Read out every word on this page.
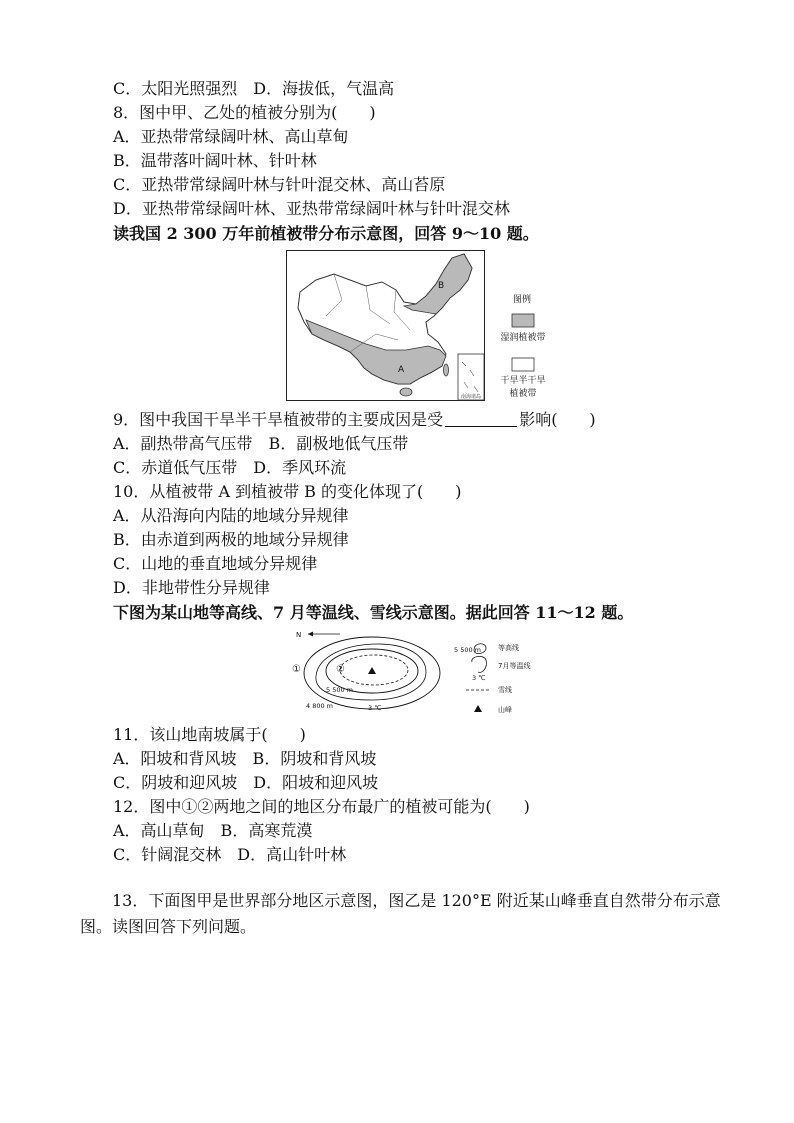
C．太阳光照强烈　D．海拔低，气温高
8．图中甲、乙处的植被分别为(　　)
A．亚热带常绿阔叶林、高山草甸
B．温带落叶阔叶林、针叶林
C．亚热带常绿阔叶林与针叶混交林、高山苔原
D．亚热带常绿阔叶林、亚热带常绿阔叶林与针叶混交林
读我国 2 300 万年前植被带分布示意图，回答 9～10 题。
南海诸岛
B
A
图例
湿润植被带
干旱半干旱
植被带
9．图中我国干旱半干旱植被带的主要成因是受	影响(　　)
A．副热带高气压带　B．副极地低气压带
C．赤道低气压带　D．季风环流
10．从植被带 A 到植被带 B 的变化体现了(　　)
A．从沿海向内陆的地域分异规律
B．由赤道到两极的地域分异规律
C．山地的垂直地域分异规律
D．非地带性分异规律
下图为某山地等高线、7 月等温线、雪线示意图。据此回答 11～12 题。
N
①	②
5 500 m
4 800 m	3 ℃
5 500 m 等高线
7月等温线
3 ℃
雪线
山峰
11．该山地南坡属于(　　)
A．阳坡和背风坡　B．阴坡和背风坡
C．阴坡和迎风坡　D．阳坡和迎风坡
12．图中①②两地之间的地区分布最广的植被可能为(　　)
A．高山草甸　B．高寒荒漠
C．针阔混交林　D．高山针叶林
13．下面图甲是世界部分地区示意图，图乙是 120°E 附近某山峰垂直自然带分布示意图。读图回答下列问题。
